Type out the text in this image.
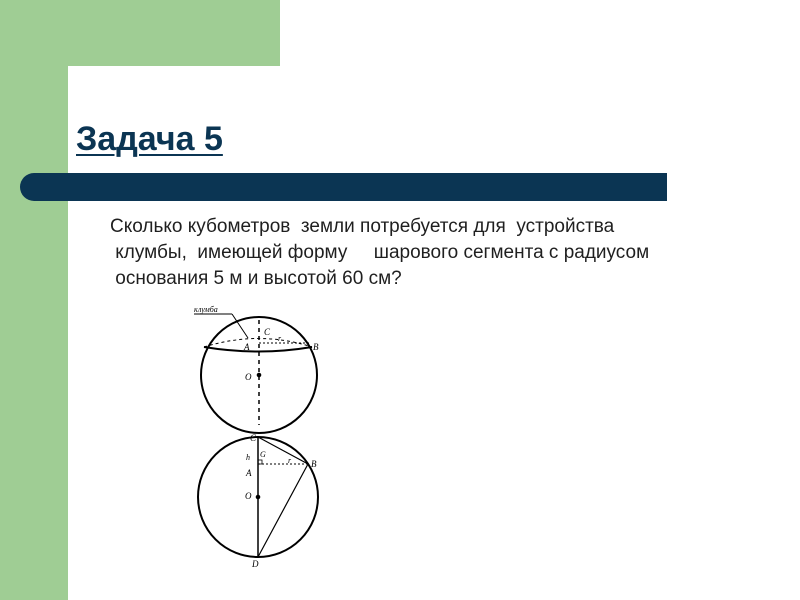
Задача 5

Сколько кубометров  земли потребуется для  устройства
клумбы,  имеющей форму     шарового сегмента с радиусом
основания 5 м и высотой 60 см?

клумба
C
A	B
O
r
C
G
h
A
O
B
r
D
